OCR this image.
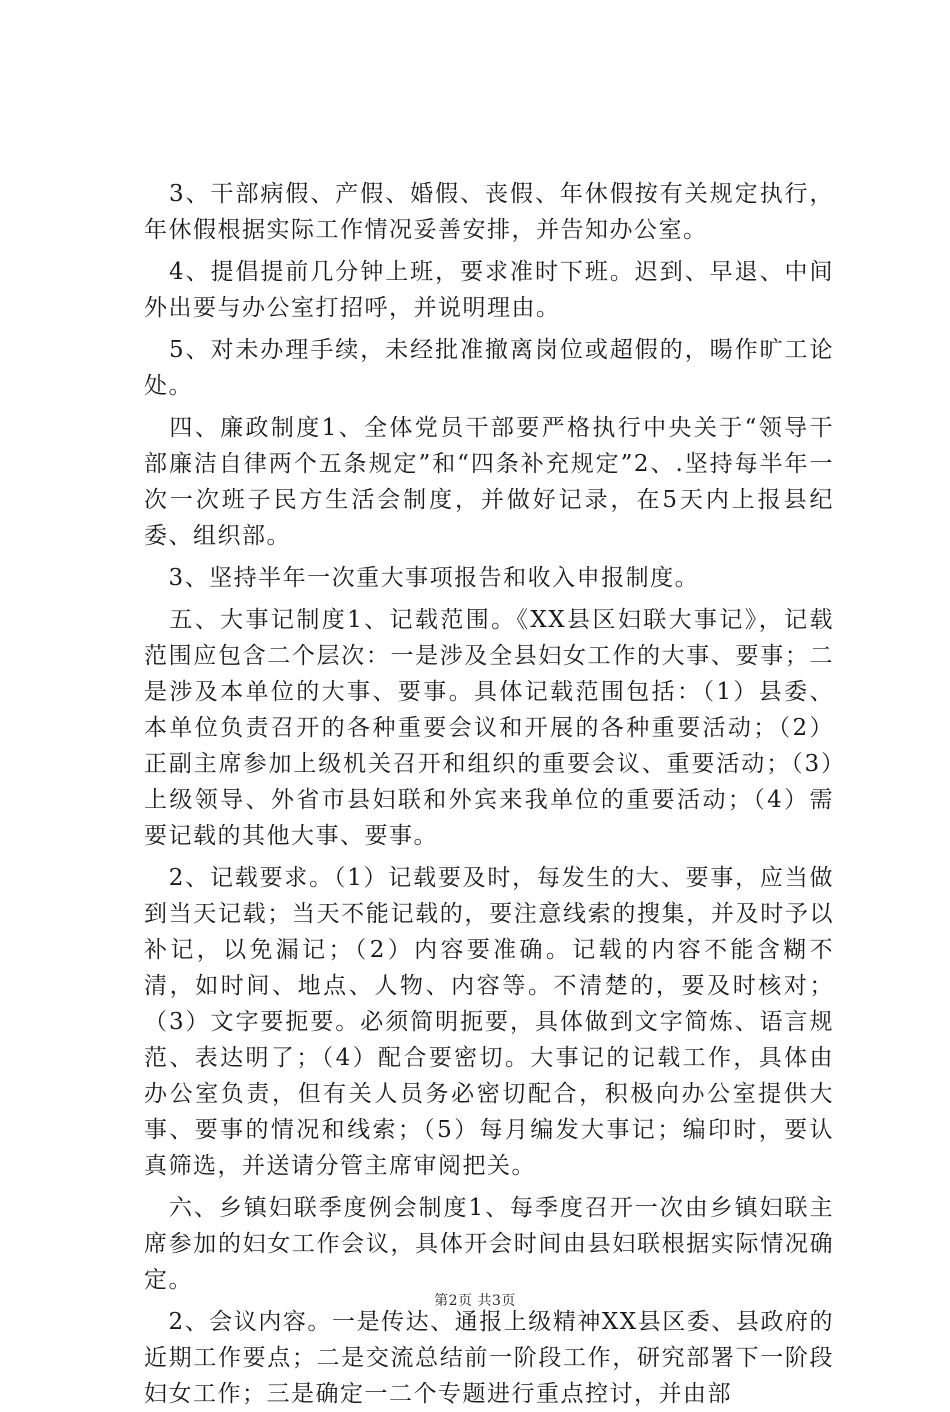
　3、干部病假、产假、婚假、丧假、年休假按有关规定执行，年休假根据实际工作情况妥善安排，并告知办公室。

　4、提倡提前几分钟上班，要求准时下班。迟到、早退、中间外出要与办公室打招呼，并说明理由。

　5、对未办理手续，未经批准撤离岗位或超假的，暘作旷工论处。

　四、廉政制度1、全体党员干部要严格执行中央关于“领导干部廉洁自律两个五条规定”和“四条补充规定”2、.坚持每半年一次一次班子民方生活会制度，并做好记录，在5天内上报县纪委、组织部。

　3、坚持半年一次重大事项报告和收入申报制度。

　五、大事记制度1、记载范围。《XX县区妇联大事记》，记载范围应包含二个层次：一是涉及全县妇女工作的大事、要事；二是涉及本单位的大事、要事。具体记载范围包括：（1）县委、本单位负责召开的各种重要会议和开展的各种重要活动；（2）正副主席参加上级机关召开和组织的重要会议、重要活动；（3）上级领导、外省市县妇联和外宾来我单位的重要活动；（4）需要记载的其他大事、要事。

　2、记载要求。（1）记载要及时，每发生的大、要事，应当做到当天记载；当天不能记载的，要注意线索的搜集，并及时予以补记，以免漏记；（2）内容要准确。记载的内容不能含糊不清，如时间、地点、人物、内容等。不清楚的，要及时核对；（3）文字要扼要。必须简明扼要，具体做到文字简炼、语言规范、表达明了；（4）配合要密切。大事记的记载工作，具体由办公室负责，但有关人员务必密切配合，积极向办公室提供大事、要事的情况和线索；（5）每月编发大事记；编印时，要认真筛选，并送请分管主席审阅把关。

　六、乡镇妇联季度例会制度1、每季度召开一次由乡镇妇联主席参加的妇女工作会议，具体开会时间由县妇联根据实际情况确定。

　2、会议内容。一是传达、通报上级精神XX县区委、县政府的近期工作要点；二是交流总结前一阶段工作，研究部署下一阶段妇女工作；三是确定一二个专题进行重点控讨，并由部

第2页 共3页
